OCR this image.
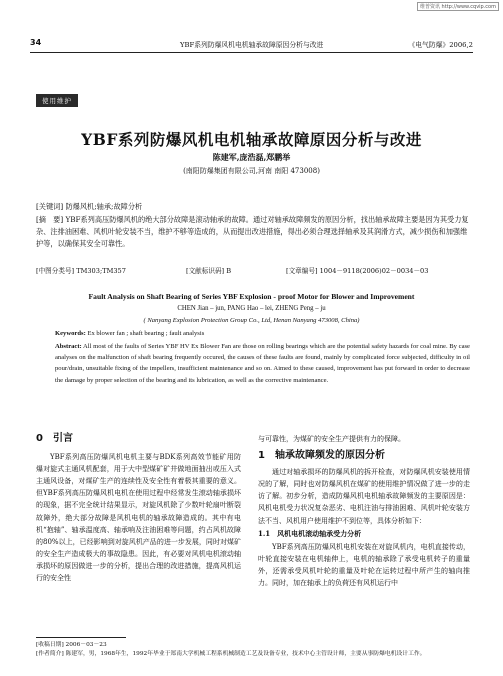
维普资讯 http://www.cqvip.com
34	YBF系列防爆风机电机轴承故障原因分析与改进	《电气防爆》2006,2
使用维护
YBF系列防爆风机电机轴承故障原因分析与改进
陈建军,庞浩磊,郑鹏举
(南阳防爆集团有限公司,河南 南阳 473008)
[关键词] 防爆风机;轴承;故障分析
[摘　要] YBF系列高压防爆风机的绝大部分故障是滚动轴承的故障。通过对轴承故障频发的原因分析，找出轴承故障主要是因为其受力复杂、注排油困难、风机叶轮安装不当，维护不够等造成的，从而提出改进措施，得出必须合理选择轴承及其润滑方式，减少损伤和加强维护等，以确保其安全可靠性。
[中图分类号] TM303;TM357	[文献标识码] B	[文章编号] 1004－9118(2006)02－0034－03
Fault Analysis on Shaft Bearing of Series YBF Explosion - proof Motor for Blower and Improvement
CHEN Jian – jun, PANG Hao – lei, ZHENG Peng – ju
( Nanyang Explosion Protection Group Co., Ltd, Henan Nanyang 473008, China)
Keywords: Ex blower fan ; shaft bearing ; fault analysis
Abstract: All most of the faults of Series YBF HV Ex Blower Fan are those on rolling bearings which are the potential safety hazards for coal mine. By case analyses on the malfunction of shaft bearing frequently occured, the causes of these faults are found, mainly by complicated force subjected, difficulty in oil pour/drain, unsuitable fixing of the impellers, insufficient maintenance and so on. Aimed to these caused, improvement has put forward in order to decrease the damage by proper selection of the bearing and its lubrication, as well as the corrective maintenance.
0　引言

YBF系列高压防爆风机电机主要与BDK系列高效节能矿用防爆对旋式主通风机配套，用于大中型煤矿矿井做地面抽出或压入式主通风设备，对煤矿生产的连续性及安全性有着极其重要的意义。但YBF系列高压防爆风机电机在使用过程中经常发生滚动轴承损坏的现象，据不完全统计结果显示，对旋风机除了少数叶轮扇叶断裂故障外，绝大部分故障是风机电机的轴承故障造成的。其中有电机“抱轴”、轴承温度高、轴承响及注油困难等问题，约占风机故障的80%以上，已经影响到对旋风机产品的进一步发展，同时对煤矿的安全生产造成极大的事故隐患。因此，有必要对风机电机滚动轴承损坏的原因做进一步的分析，提出合理的改进措施，提高风机运行的安全性

与可靠性，为煤矿的安全生产提供有力的保障。

1　轴承故障频发的原因分析

通过对轴承损坏的防爆风机的拆开检查，对防爆风机安装使用情况的了解，同时也对防爆风机在煤矿的使用维护情况做了进一步的走访了解。初步分析，造成防爆风机电机轴承故障频发的主要原因是：风机电机受力状况复杂恶劣、电机注油与排油困难、风机叶轮安装方法不当、风机用户使用维护不到位等，具体分析如下：

1.1　风机电机滚动轴承受力分析

YBF系列高压防爆风机电机安装在对旋风机内，电机直接传动，叶轮直接安装在电机轴伸上，电机的轴承除了承受电机转子的重量外，还需承受风机叶轮的重量及叶轮在运转过程中所产生的轴向推力。同时，加在轴承上的负荷还有风机运行中

[收稿日期] 2006－03－23
[作者简介] 陈建军，男，1968年生，1992年毕业于郑南大学机械工程系机械制造工艺及设备专业，技术中心主管设计师，主要从事防爆电机设计工作。
